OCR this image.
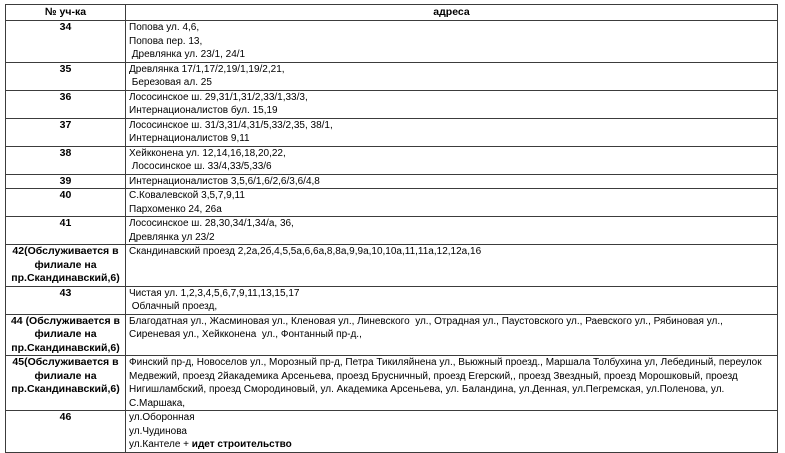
№ уч-ка	адреса
34	Попова ул. 4,6,
Попова пер. 13,
Древлянка ул. 23/1, 24/1

35	Древлянка 17/1,17/2,19/1,19/2,21,
Березовая ал. 25

36	Лососинское ш. 29,31/1,31/2,33/1,33/3,
Интернационалистов бул. 15,19

37	Лососинское ш. 31/3,31/4,31/5,33/2,35, 38/1,
Интернационалистов 9,11

38	Хейкконена ул. 12,14,16,18,20,22,
Лососинское ш. 33/4,33/5,33/6

39	Интернационалистов 3,5,6/1,6/2,6/3,6/4,8

40	С.Ковалевской 3,5,7,9,11
Пархоменко 24, 26а

41	Лососинское ш. 28,30,34/1,34/а, 36,
Древлянка ул 23/2

42(Обслуживается в филиале на пр.Скандинавский,6)	Скандинавский проезд 2,2а,2б,4,5,5а,6,6а,8,8а,9,9а,10,10а,11,11а,12,12а,16

43	Чистая ул. 1,2,3,4,5,6,7,9,11,13,15,17
Облачный проезд,

44 (Обслуживается в филиале на пр.Скандинавский,6)	Благодатная ул., Жасминовая ул., Кленовая ул., Линевского  ул., Отрадная ул., Паустовского ул., Раевского ул., Рябиновая ул., Сиреневая ул., Хейкконена  ул., Фонтанный пр-д.,

45(Обслуживается в филиале на пр.Скандинавский,6)	Финский пр-д, Новоселов ул., Морозный пр-д, Петра Тикиляйнена ул., Вьюжный проезд., Маршала Толбухина ул, Лебединый, переулок Медвежий, проезд 2йакадемика Арсеньева, проезд Брусничный, проезд Егерский,, проезд Звездный, проезд Морошковый, проезд Нигишламбский, проезд Смородиновый, ул. Академика Арсеньева, ул. Баландина, ул.Денная, ул.Пегремская, ул.Поленова, ул. С.Маршака,

46	ул.Оборонная
ул.Чудинова
ул.Кантеле + идет строительство
